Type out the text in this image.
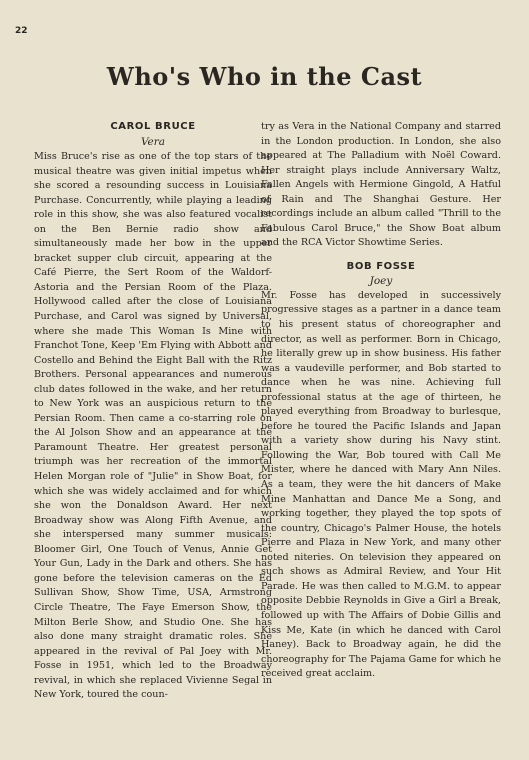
22
Who's Who in the Cast

CAROL BRUCE

Vera

Miss Bruce's rise as one of the top stars of the musical theatre was given initial impetus when she scored a resounding success in Louisiana Purchase. Concurrently, while playing a leading role in this show, she was also featured vocalist on the Ben Bernie radio show and simultaneously made her bow in the upper bracket supper club circuit, appearing at the Café Pierre, the Sert Room of the Waldorf-Astoria and the Persian Room of the Plaza. Hollywood called after the close of Louisiana Purchase, and Carol was signed by Universal, where she made This Woman Is Mine with Franchot Tone, Keep 'Em Flying with Abbott and Costello and Behind the Eight Ball with the Ritz Brothers. Personal appearances and numerous club dates followed in the wake, and her return to New York was an auspicious return to the Persian Room. Then came a co-starring role on the Al Jolson Show and an appearance at the Paramount Theatre. Her greatest personal triumph was her recreation of the immortal Helen Morgan role of "Julie" in Show Boat, for which she was widely acclaimed and for which she won the Donaldson Award. Her next Broadway show was Along Fifth Avenue, and she interspersed many summer musicals: Bloomer Girl, One Touch of Venus, Annie Get Your Gun, Lady in the Dark and others. She has gone before the television cameras on the Ed Sullivan Show, Show Time, USA, Armstrong Circle Theatre, The Faye Emerson Show, the Milton Berle Show, and Studio One. She has also done many straight dramatic roles. She appeared in the revival of Pal Joey with Mr. Fosse in 1951, which led to the Broadway revival, in which she replaced Vivienne Segal in New York, toured the coun-

try as Vera in the National Company and starred in the London production. In London, she also appeared at The Palladium with Noël Coward. Her straight plays include Anniversary Waltz, Fallen Angels with Hermione Gingold, A Hatful of Rain and The Shanghai Gesture. Her recordings include an album called "Thrill to the Fabulous Carol Bruce," the Show Boat album and the RCA Victor Showtime Series.

BOB FOSSE

Joey

Mr. Fosse has developed in successively progressive stages as a partner in a dance team to his present status of choreographer and director, as well as performer. Born in Chicago, he literally grew up in show business. His father was a vaudeville performer, and Bob started to dance when he was nine. Achieving full professional status at the age of thirteen, he played everything from Broadway to burlesque, before he toured the Pacific Islands and Japan with a variety show during his Navy stint. Following the War, Bob toured with Call Me Mister, where he danced with Mary Ann Niles. As a team, they were the hit dancers of Make Mine Manhattan and Dance Me a Song, and working together, they played the top spots of the country, Chicago's Palmer House, the hotels Pierre and Plaza in New York, and many other noted niteries. On television they appeared on such shows as Admiral Review, and Your Hit Parade. He was then called to M.G.M. to appear opposite Debbie Reynolds in Give a Girl a Break, followed up with The Affairs of Dobie Gillis and Kiss Me, Kate (in which he danced with Carol Haney). Back to Broadway again, he did the choreography for The Pajama Game for which he received great acclaim.
